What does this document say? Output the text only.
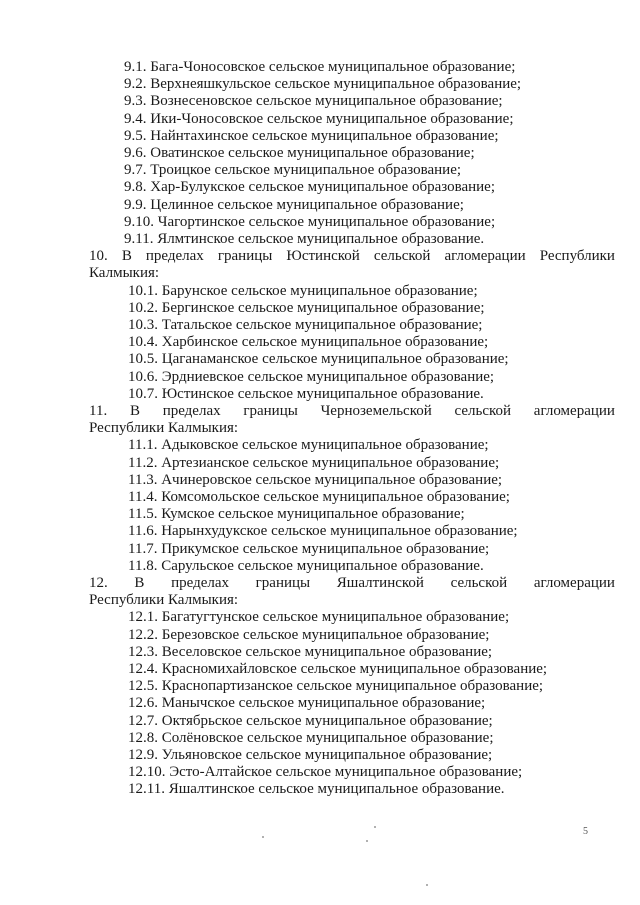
9.1. Бага-Чоносовское сельское муниципальное образование;
9.2. Верхнеяшкульское сельское муниципальное образование;
9.3. Вознесеновское сельское муниципальное образование;
9.4. Ики-Чоносовское сельское муниципальное образование;
9.5. Найнтахинское сельское муниципальное образование;
9.6. Оватинское сельское муниципальное образование;
9.7. Троицкое сельское муниципальное образование;
9.8. Хар-Булукское сельское муниципальное образование;
9.9. Целинное сельское муниципальное образование;
9.10. Чагортинское сельское муниципальное образование;
9.11. Ялмтинское сельское муниципальное образование.
10. В пределах границы Юстинской сельской агломерации Республики
Калмыкия:
10.1. Барунское сельское муниципальное образование;
10.2. Бергинское сельское муниципальное образование;
10.3. Татальское сельское муниципальное образование;
10.4. Харбинское сельское муниципальное образование;
10.5. Цаганаманское сельское муниципальное образование;
10.6. Эрдниевское сельское муниципальное образование;
10.7. Юстинское сельское муниципальное образование.
11. В пределах границы Черноземельской сельской агломерации
Республики Калмыкия:
11.1. Адыковское сельское муниципальное образование;
11.2. Артезианское сельское муниципальное образование;
11.3. Ачинеровское сельское муниципальное образование;
11.4. Комсомольское сельское муниципальное образование;
11.5. Кумское сельское муниципальное образование;
11.6. Нарынхудукское сельское муниципальное образование;
11.7. Прикумское сельское муниципальное образование;
11.8. Сарульское сельское муниципальное образование.
12. В пределах границы Яшалтинской сельской агломерации
Республики Калмыкия:
12.1. Багатугтунское сельское муниципальное образование;
12.2. Березовское сельское муниципальное образование;
12.3. Веселовское сельское муниципальное образование;
12.4. Красномихайловское сельское муниципальное образование;
12.5. Краснопартизанское сельское муниципальное образование;
12.6. Манычское сельское муниципальное образование;
12.7. Октябрьское сельское муниципальное образование;
12.8. Солёновское сельское муниципальное образование;
12.9. Ульяновское сельское муниципальное образование;
12.10. Эсто-Алтайское сельское муниципальное образование;
12.11. Яшалтинское сельское муниципальное образование.
5
